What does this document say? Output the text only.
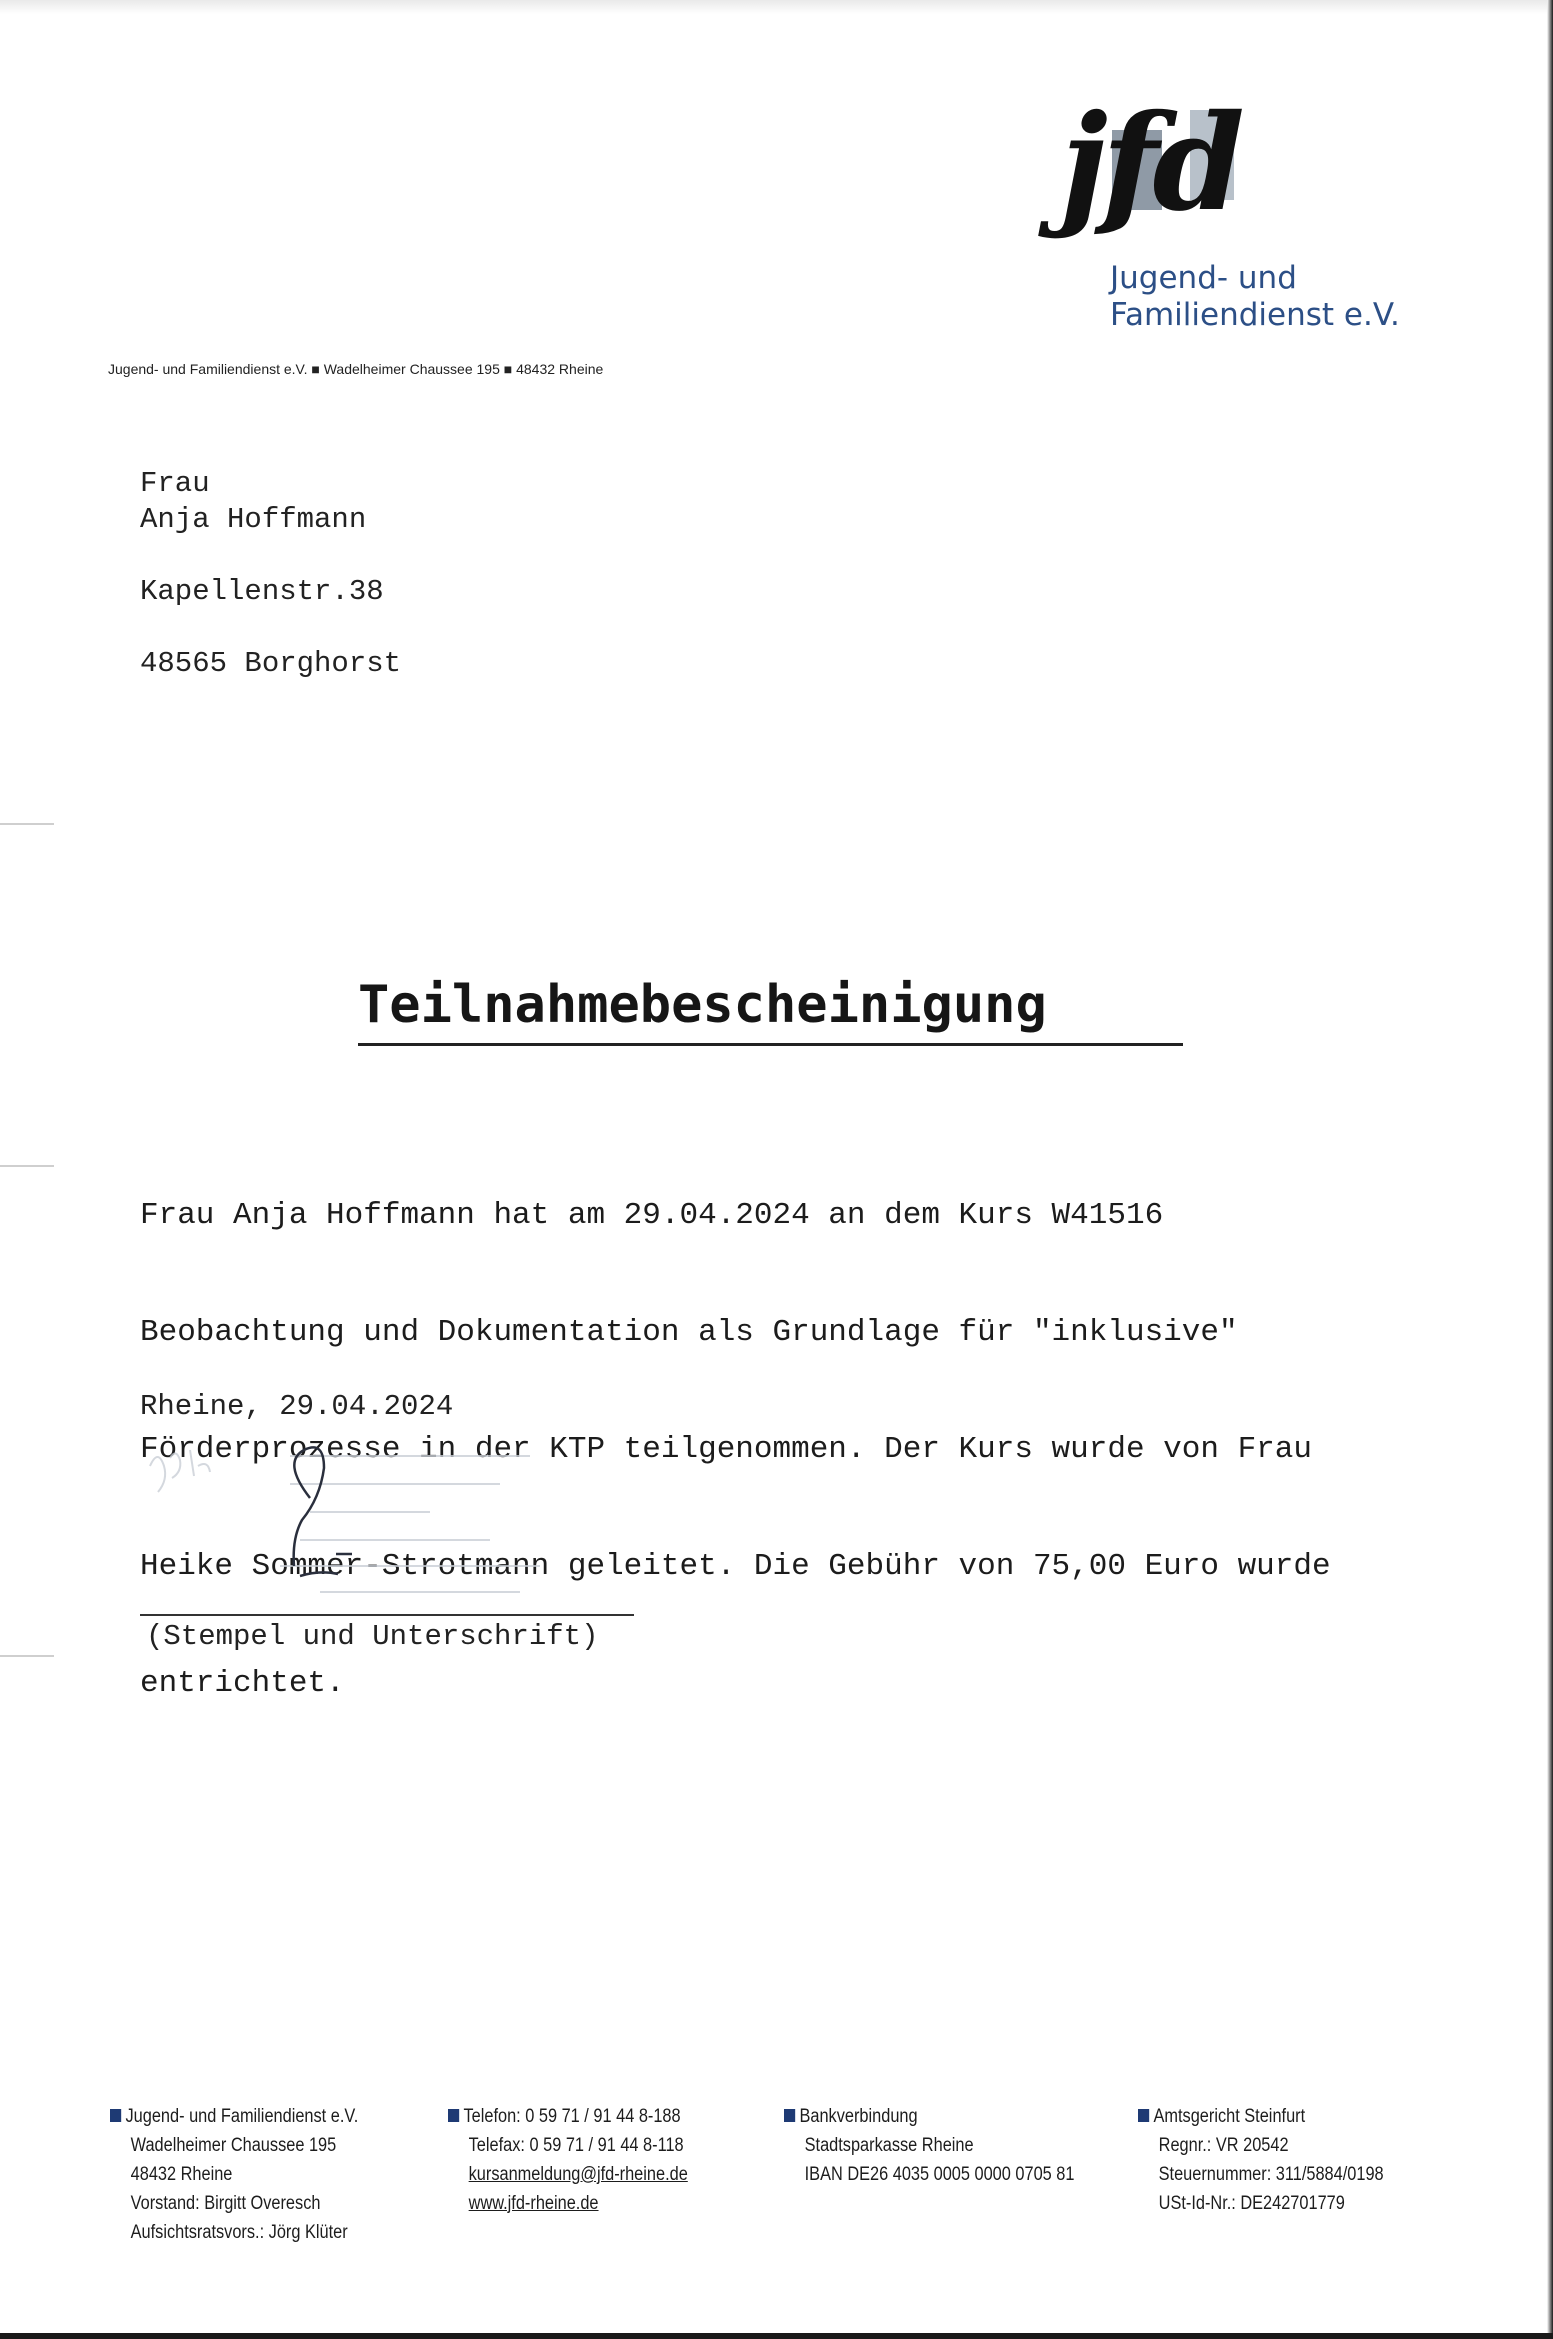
jfd
Jugend- und
Familiendienst e.V.
Jugend- und Familiendienst e.V. ■ Wadelheimer Chaussee 195 ■ 48432 Rheine
Frau
Anja Hoffmann
Kapellenstr.38
48565 Borghorst
Teilnahmebescheinigung

Frau Anja Hoffmann hat am 29.04.2024 an dem Kurs W41516

Beobachtung und Dokumentation als Grundlage für "inklusive"

Förderprozesse in der KTP teilgenommen. Der Kurs wurde von Frau

Heike Sommer-Strotmann geleitet. Die Gebühr von 75,00 Euro wurde

entrichtet.

Rheine, 29.04.2024
(Stempel und Unterschrift)
Jugend- und Familiendienst e.V.
Wadelheimer Chaussee 195
48432 Rheine
Vorstand: Birgitt Overesch
Aufsichtsratsvors.: Jörg Klüter
Telefon: 0 59 71 / 91 44 8-188
Telefax: 0 59 71 / 91 44 8-118
kursanmeldung@jfd-rheine.de
www.jfd-rheine.de
Bankverbindung
Stadtsparkasse Rheine
IBAN DE26 4035 0005 0000 0705 81
Amtsgericht Steinfurt
Regnr.: VR 20542
Steuernummer: 311/5884/0198
USt-Id-Nr.: DE242701779
